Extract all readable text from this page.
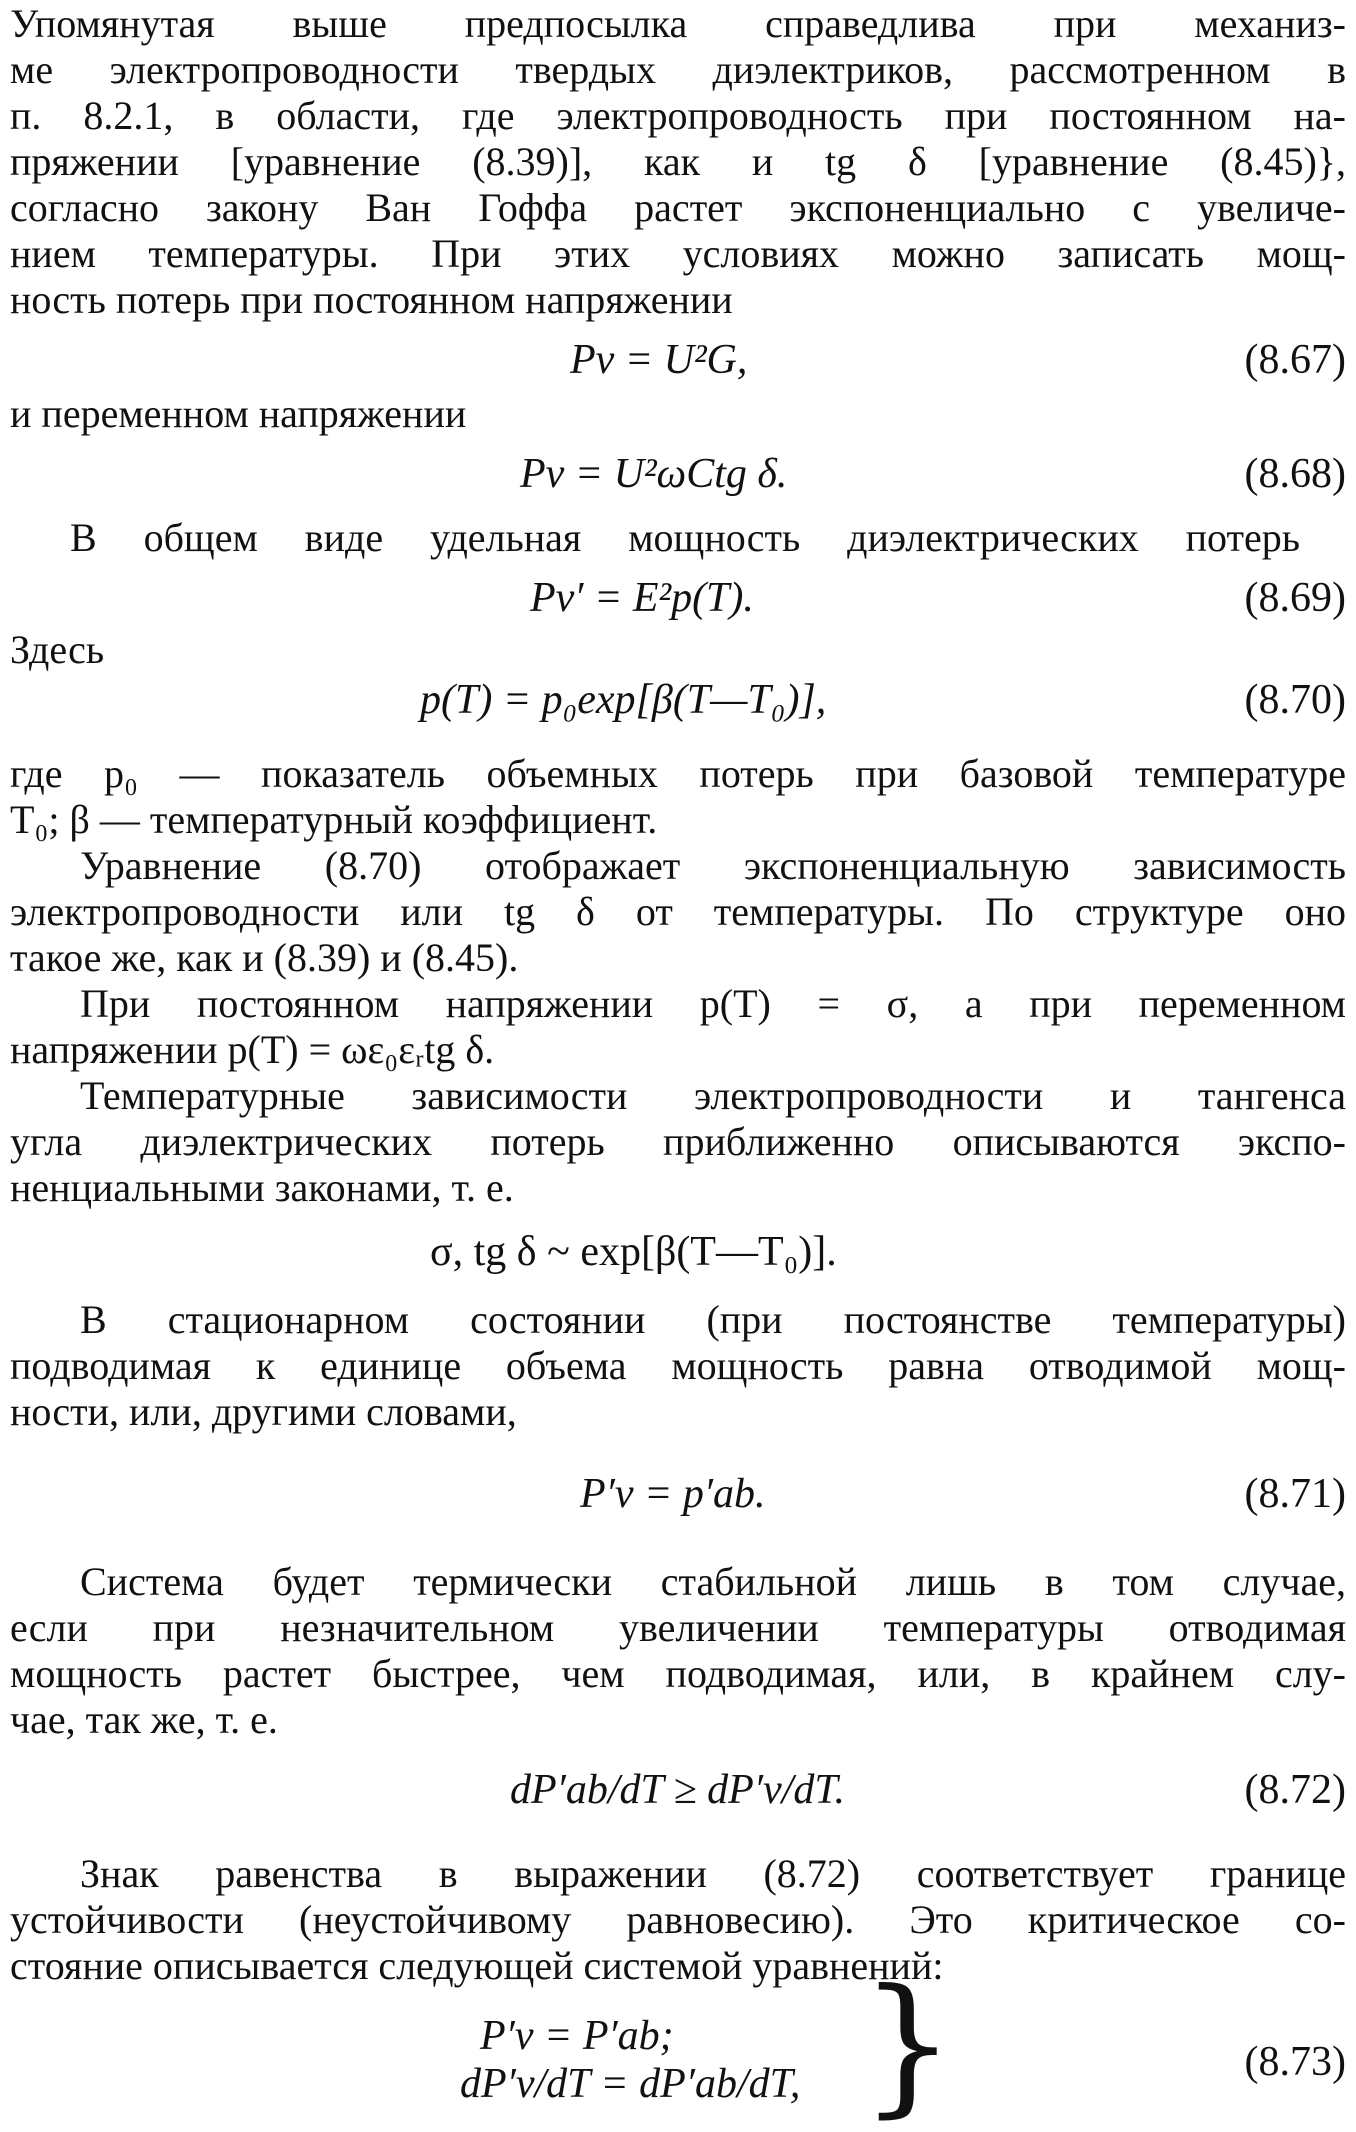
Упомянутая выше предпосылка справедлива при механиз-
ме электропроводности твердых диэлектриков, рассмотренном в
п. 8.2.1, в области, где электропроводность при постоянном на-
пряжении [уравнение (8.39)], как и tg δ [уравнение (8.45)},
согласно закону Ван Гоффа растет экспоненциально с увеличе-
нием температуры. При этих условиях можно записать мощ-
ность потерь при постоянном напряжении
Pv = U²G,	(8.67)
и переменном напряжении
Pv = U²ωCtg δ.	(8.68)
В общем виде удельная мощность диэлектрических потерь
Pv′ = E²p(T).	(8.69)
Здесь
p(T) = p₀exp[β(T—T₀)],	(8.70)
где p₀ — показатель объемных потерь при базовой температуре
T₀; β — температурный коэффициент.
Уравнение (8.70) отображает экспоненциальную зависимость
электропроводности или tg δ от температуры. По структуре оно
такое же, как и (8.39) и (8.45).
При постоянном напряжении p(T) = σ, а при переменном
напряжении p(T) = ωε₀εᵣtg δ.
Температурные зависимости электропроводности и тангенса
угла диэлектрических потерь приближенно описываются экспо-
ненциальными законами, т. е.
σ, tg δ ~ exp[β(T—T₀)].
В стационарном состоянии (при постоянстве температуры)
подводимая к единице объема мощность равна отводимой мощ-
ности, или, другими словами,
P′v = p′ab.	(8.71)
Система будет термически стабильной лишь в том случае,
если при незначительном увеличении температуры отводимая
мощность растет быстрее, чем подводимая, или, в крайнем слу-
чае, так же, т. е.
dP′ab/dT ≥ dP′v/dT.	(8.72)
Знак равенства в выражении (8.72) соответствует границе
устойчивости (неустойчивому равновесию). Это критическое со-
стояние описывается следующей системой уравнений:
P′v = P′ab;
dP′v/dT = dP′ab/dT, }	(8.73)
